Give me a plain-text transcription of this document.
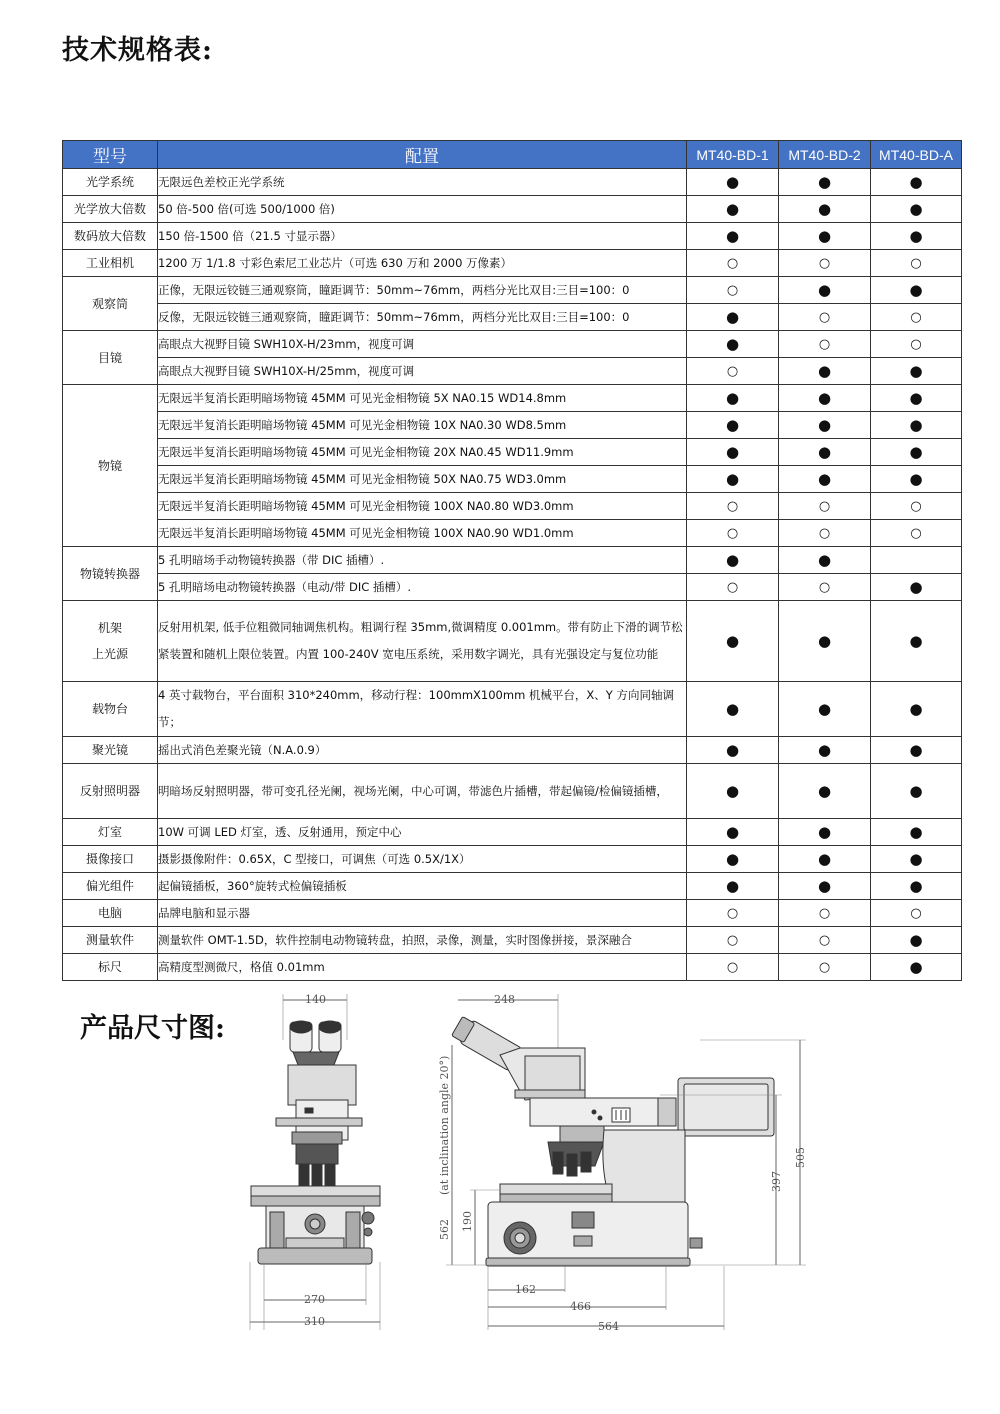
技术规格表:
型号	配置	MT40-BD-1	MT40-BD-2	MT40-BD-A

光学系统	无限远色差校正光学系统	●	●	●

光学放大倍数	50 倍-500 倍(可选 500/1000 倍)	●	●	●

数码放大倍数	150 倍-1500 倍（21.5 寸显示器）	●	●	●

工业相机	1200 万 1/1.8 寸彩色索尼工业芯片（可选 630 万和 2000 万像素）	○	○	○

观察筒	正像，无限远铰链三通观察筒，瞳距调节：50mm~76mm，两档分光比双目:三目=100：0	○	●	●
	反像，无限远铰链三通观察筒，瞳距调节：50mm~76mm，两档分光比双目:三目=100：0	●	○	○

目镜	高眼点大视野目镜 SWH10X-H/23mm，视度可调	●	○	○
	高眼点大视野目镜 SWH10X-H/25mm，视度可调	○	●	●

物镜	无限远半复消长距明暗场物镜 45MM 可见光金相物镜 5X NA0.15 WD14.8mm	●	●	●
	无限远半复消长距明暗场物镜 45MM 可见光金相物镜 10X NA0.30 WD8.5mm	●	●	●
	无限远半复消长距明暗场物镜 45MM 可见光金相物镜 20X NA0.45 WD11.9mm	●	●	●
	无限远半复消长距明暗场物镜 45MM 可见光金相物镜 50X NA0.75 WD3.0mm	●	●	●
	无限远半复消长距明暗场物镜 45MM 可见光金相物镜 100X NA0.80 WD3.0mm	○	○	○
	无限远半复消长距明暗场物镜 45MM 可见光金相物镜 100X NA0.90 WD1.0mm	○	○	○

物镜转换器	5 孔明暗场手动物镜转换器（带 DIC 插槽）.	●	●	
	5 孔明暗场电动物镜转换器（电动/带 DIC 插槽）.	○	○	●

机架
上光源	反射用机架, 低手位粗微同轴调焦机构。粗调行程 35mm,微调精度 0.001mm。带有防止下滑的调节松紧装置和随机上限位装置。内置 100-240V 宽电压系统，采用数字调光，具有光强设定与复位功能	●	●	●

载物台	4 英寸载物台，平台面积 310*240mm，移动行程：100mmX100mm 机械平台，X、Y 方向同轴调节；	●	●	●

聚光镜	摇出式消色差聚光镜（N.A.0.9）	●	●	●

反射照明器	明暗场反射照明器，带可变孔径光阑，视场光阑，中心可调，带滤色片插槽，带起偏镜/检偏镜插槽，	●	●	●

灯室	10W 可调 LED 灯室，透、反射通用，预定中心	●	●	●

摄像接口	摄影摄像附件：0.65X，C 型接口，可调焦（可选 0.5X/1X）	●	●	●

偏光组件	起偏镜插板，360°旋转式检偏镜插板	●	●	●

电脑	品牌电脑和显示器	○	○	○

测量软件	测量软件 OMT-1.5D，软件控制电动物镜转盘，拍照，录像，测量，实时图像拼接，景深融合	○	○	●

标尺	高精度型测微尺，格值 0.01mm	○	○	●
产品尺寸图:
140
270
310
248
(at inclination angle 20°)
562 190
397
505
162
466
564
